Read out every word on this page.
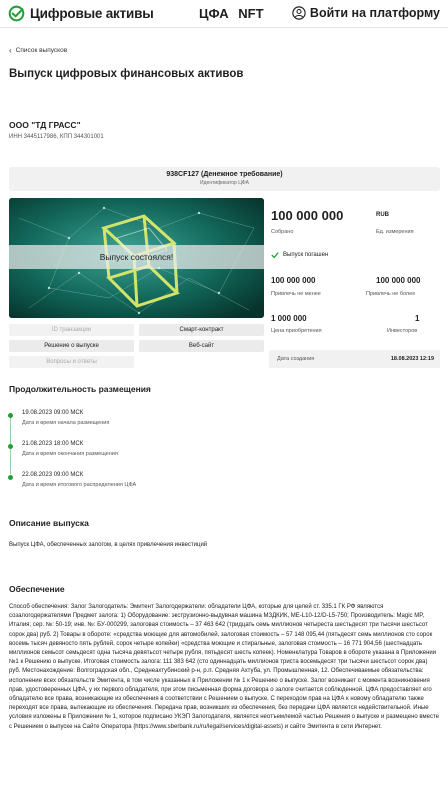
Цифровые активы	ЦФА NFT	Войти на платформу
‹ Список выпусков
Выпуск цифровых финансовых активов
ООО "ТД ГРАСС"
ИНН 3445117986, КПП 344301001
938CF127 (Денежное требование)
Идентификатор ЦФА
Выпуск состоялся!
ID транзакции	Смарт-контракт
Решение о выпуске	Веб-сайт
Вопросы и ответы
100 000 000	RUB
Собрано	Ед. измерения
Выпуск погашен
100 000 000	100 000 000
Привлечь не менее	Привлечь не более
1 000 000	1
Цена приобретения	Инвесторов
Дата создания	18.08.2023 12:19
Продолжительность размещения
19.08.2023 09:00 МСК
Дата и время начала размещения
21.08.2023 18:00 МСК
Дата и время окончания размещения
22.08.2023 09:00 МСК
Дата и время итогового распределения ЦФА
Описание выпуска
Выпуск ЦФА, обеспеченных залогом, в целях привлечения инвестиций
Обеспечение
Способ обеспечения: Залог Залогодатель: Эмитент Залогодержатели: обладатели ЦФА, которые для целей ст. 335.1 ГК РФ являются созалогодержателями Предмет залога: 1) Оборудование: экструзионно-выдувная машина МЗДКИК, ME-L10-12/D-L5-750; Производитель: Magic MP, Италия; сер. №: 50-19; инв. №: БУ-000299, залоговая стоимость – 37 463 642 (тридцать семь миллионов четыреста шестьдесят три тысячи шестьсот сорок два) руб. 2) Товары в обороте: «средства моющие для автомобилей, залоговая стоимость – 57 148 095,44 (пятьдесят семь миллионов сто сорок восемь тысяч девяносто пять рублей, сорок четыре копейки) «средства моющие и стиральные, залоговая стоимость – 16 771 904,56 (шестнадцать миллионов семьсот семьдесят одна тысяча девятьсот четыре рубля, пятьдесят шесть копеек). Номенклатура Товаров в обороте указана в Приложении №1 к Решению о выпуске. Итоговая стоимость залога: 111 383 642 (сто одиннадцать миллионов триста восемьдесят три тысячи шестьсот сорок два) руб. Местонахождение: Волгоградская обл., Среднеахтубинский р-н, р.п. Средняя Ахтуба, ул. Промышленная, 12. Обеспечиваемые обязательства: исполнение всех обязательств Эмитента, в том числе указанных в Приложении № 1 к Решению о выпуске. Залог возникает с момента возникновения прав, удостоверенных ЦФА, у их первого обладателя, при этом письменная форма договора о залоге считается соблюденной. ЦФА предоставляет его обладателю все права, возникающие из обеспечения в соответствии с Решением о выпуске. С переходом прав на ЦФА к новому обладателю также переходят все права, вытекающие из обеспечения. Передача прав, возникших из обеспечения, без передачи ЦФА является недействительной. Иные условия изложены в Приложении № 1, которое подписано УКЭП Залогодателя, является неотъемлемой частью Решения о выпуске и размещено вместе с Решением о выпуске на Сайте Оператора (https://www.sberbank.ru/ru/legal/services/digital-assets) и сайте Эмитента в сети Интернет.
